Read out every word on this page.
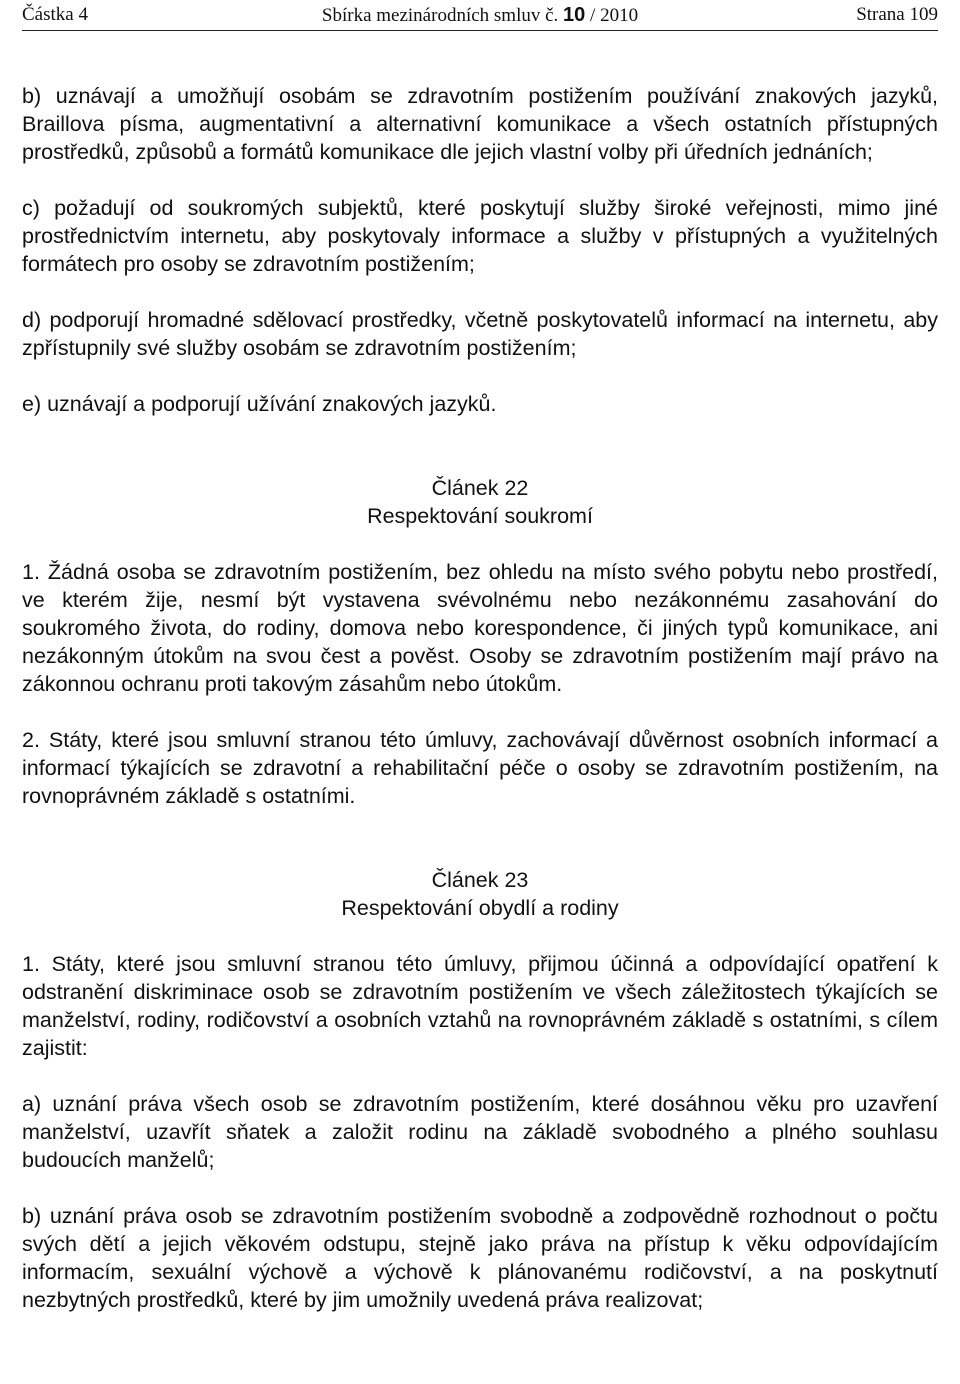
Částka 4	Sbírka mezinárodních smluv č. 10 / 2010	Strana 109

b) uznávají a umožňují osobám se zdravotním postižením používání znakových jazyků, Braillova písma, augmentativní a alternativní komunikace a všech ostatních přístupných prostředků, způsobů a formátů komunikace dle jejich vlastní volby při úředních jednáních;

c) požadují od soukromých subjektů, které poskytují služby široké veřejnosti, mimo jiné prostřednictvím internetu, aby poskytovaly informace a služby v přístupných a využitelných formátech pro osoby se zdravotním postižením;

d) podporují hromadné sdělovací prostředky, včetně poskytovatelů informací na internetu, aby zpřístupnily své služby osobám se zdravotním postižením;

e) uznávají a podporují užívání znakových jazyků.

Článek 22

Respektování soukromí

1. Žádná osoba se zdravotním postižením, bez ohledu na místo svého pobytu nebo prostředí, ve kterém žije, nesmí být vystavena svévolnému nebo nezákonnému zasahování do soukromého života, do rodiny, domova nebo korespondence, či jiných typů komunikace, ani nezákonným útokům na svou čest a pověst. Osoby se zdravotním postižením mají právo na zákonnou ochranu proti takovým zásahům nebo útokům.

2. Státy, které jsou smluvní stranou této úmluvy, zachovávají důvěrnost osobních informací a informací týkajících se zdravotní a rehabilitační péče o osoby se zdravotním postižením, na rovnoprávném základě s ostatními.

Článek 23

Respektování obydlí a rodiny

1. Státy, které jsou smluvní stranou této úmluvy, přijmou účinná a odpovídající opatření k odstranění diskriminace osob se zdravotním postižením ve všech záležitostech týkajících se manželství, rodiny, rodičovství a osobních vztahů na rovnoprávném základě s ostatními, s cílem zajistit:

a) uznání práva všech osob se zdravotním postižením, které dosáhnou věku pro uzavření manželství, uzavřít sňatek a založit rodinu na základě svobodného a plného souhlasu budoucích manželů;

b) uznání práva osob se zdravotním postižením svobodně a zodpovědně rozhodnout o počtu svých dětí a jejich věkovém odstupu, stejně jako práva na přístup k věku odpovídajícím informacím, sexuální výchově a výchově k plánovanému rodičovství, a na poskytnutí nezbytných prostředků, které by jim umožnily uvedená práva realizovat;
